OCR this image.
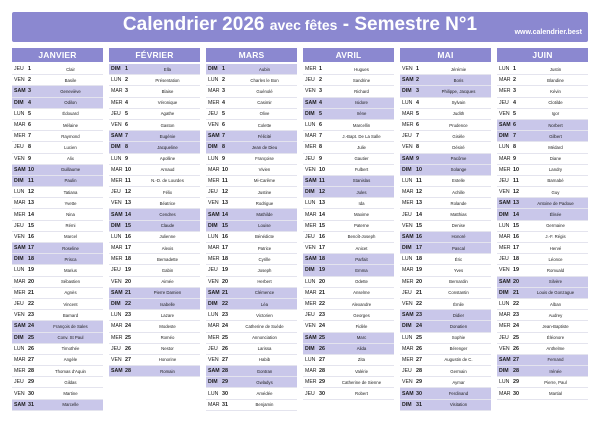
Calendrier 2026 avec fêtes - Semestre N°1	www.calendrier.best
JANVIER
JEU 1	Clair
VEN 2	Basile
SAM 3	Geneviève
DIM 4	Odilon
LUN 5	Édouard
MAR 6	Mélaine
MER 7	Raymond
JEU 8	Lucien
VEN 9	Alix
SAM 10	Guillaume
DIM 11	Paulin
LUN 12	Tatiana
MAR 13	Yvette
MER 14	Nina
JEU 15	Rémi
VEN 16	Marcel
SAM 17	Roseline
DIM 18	Prisca
LUN 19	Marius
MAR 20	Sébastien
MER 21	Agnès
JEU 22	Vincent
VEN 23	Barnard
SAM 24	François de Sales
DIM 25	Conv. St Paul
LUN 26	Timothée
MAR 27	Angèle
MER 28	Thomas d'Aquin
JEU 29	Gildas
VEN 30	Martine
SAM 31	Marcelle
FÉVRIER
DIM 1	Ella
LUN 2	Présentation
MAR 3	Blaise
MER 4	Véronique
JEU 5	Agathe
VEN 6	Gaston
SAM 7	Eugénie
DIM 8	Jacqueline
LUN 9	Apolline
MAR 10	Arnaud
MER 11	N.-D. de Lourdes
JEU 12	Félix
VEN 13	Béatrice
SAM 14	Cendres
DIM 15	Claude
LUN 16	Julienne
MAR 17	Alexis
MER 18	Bernadette
JEU 19	Gabin
VEN 20	Aimée
SAM 21	Pierre Damien
DIM 22	Isabelle
LUN 23	Lazare
MAR 24	Modeste
MER 25	Roméo
JEU 26	Nestor
VEN 27	Honorine
SAM 28	Romain
MARS
DIM 1	Aubin
LUN 2	Charles le Bon
MAR 3	Guénolé
MER 4	Casimir
JEU 5	Olive
VEN 6	Colette
SAM 7	Félicité
DIM 8	Jean de Dieu
LUN 9	Françoise
MAR 10	Vivien
MER 11	Mi-Carême
JEU 12	Justine
VEN 13	Rodrigue
SAM 14	Mathilde
DIM 15	Louise
LUN 16	Bénédicte
MAR 17	Patrice
MER 18	Cyrille
JEU 19	Joseph
VEN 20	Herbert
SAM 21	Clémence
DIM 22	Léa
LUN 23	Victorien
MAR 24	Catherine de Suède
MER 25	Annonciation
JEU 26	Larissa
VEN 27	Habib
SAM 28	Gontran
DIM 29	Gwladys
LUN 30	Amédée
MAR 31	Benjamin
AVRIL
MER 1	Hugues
JEU 2	Sandrine
VEN 3	Richard
SAM 4	Isidore
DIM 5	Irène
LUN 6	Marcellin
MAR 7	J.-Bapt. De La Salle
MER 8	Julie
JEU 9	Gautier
VEN 10	Fulbert
SAM 11	Stanislas
DIM 12	Jules
LUN 13	Ida
MAR 14	Maxime
MER 15	Paterne
JEU 16	Benoît-Joseph
VEN 17	Anicet
SAM 18	Parfait
DIM 19	Emma
LUN 20	Odette
MAR 21	Anselme
MER 22	Alexandre
JEU 23	Georges
VEN 24	Fidèle
SAM 25	Marc
DIM 26	Alida
LUN 27	Zita
MAR 28	Valérie
MER 29	Catherine de Sienne
JEU 30	Robert
MAI
VEN 1	Jérémie
SAM 2	Boris
DIM 3	Philippe, Jacques
LUN 4	Sylvain
MAR 5	Judith
MER 6	Prudence
JEU 7	Gisèle
VEN 8	Désiré
SAM 9	Pacôme
DIM 10	Solange
LUN 11	Estelle
MAR 12	Achille
MER 13	Rolande
JEU 14	Matthias
VEN 15	Denise
SAM 16	Honoré
DIM 17	Pascal
LUN 18	Éric
MAR 19	Yves
MER 20	Bernardin
JEU 21	Constantin
VEN 22	Émile
SAM 23	Didier
DIM 24	Donatien
LUN 25	Sophie
MAR 26	Bérenger
MER 27	Augustin de C.
JEU 28	Germain
VEN 29	Aymar
SAM 30	Ferdinand
DIM 31	Visitation
JUIN
LUN 1	Justin
MAR 2	Blandine
MER 3	Kévin
JEU 4	Clotilde
VEN 5	Igor
SAM 6	Norbert
DIM 7	Gilbert
LUN 8	Médard
MAR 9	Diane
MER 10	Landry
JEU 11	Barnabé
VEN 12	Guy
SAM 13	Antoine de Padoue
DIM 14	Élisée
LUN 15	Germaine
MAR 16	J.-F. Régis
MER 17	Hervé
JEU 18	Léonce
VEN 19	Romuald
SAM 20	Silvère
DIM 21	Louis de Gonzague
LUN 22	Alban
MAR 23	Audrey
MER 24	Jean-Baptiste
JEU 25	Éléonore
VEN 26	Anthelme
SAM 27	Fernand
DIM 28	Irénée
LUN 29	Pierre, Paul
MAR 30	Martial
